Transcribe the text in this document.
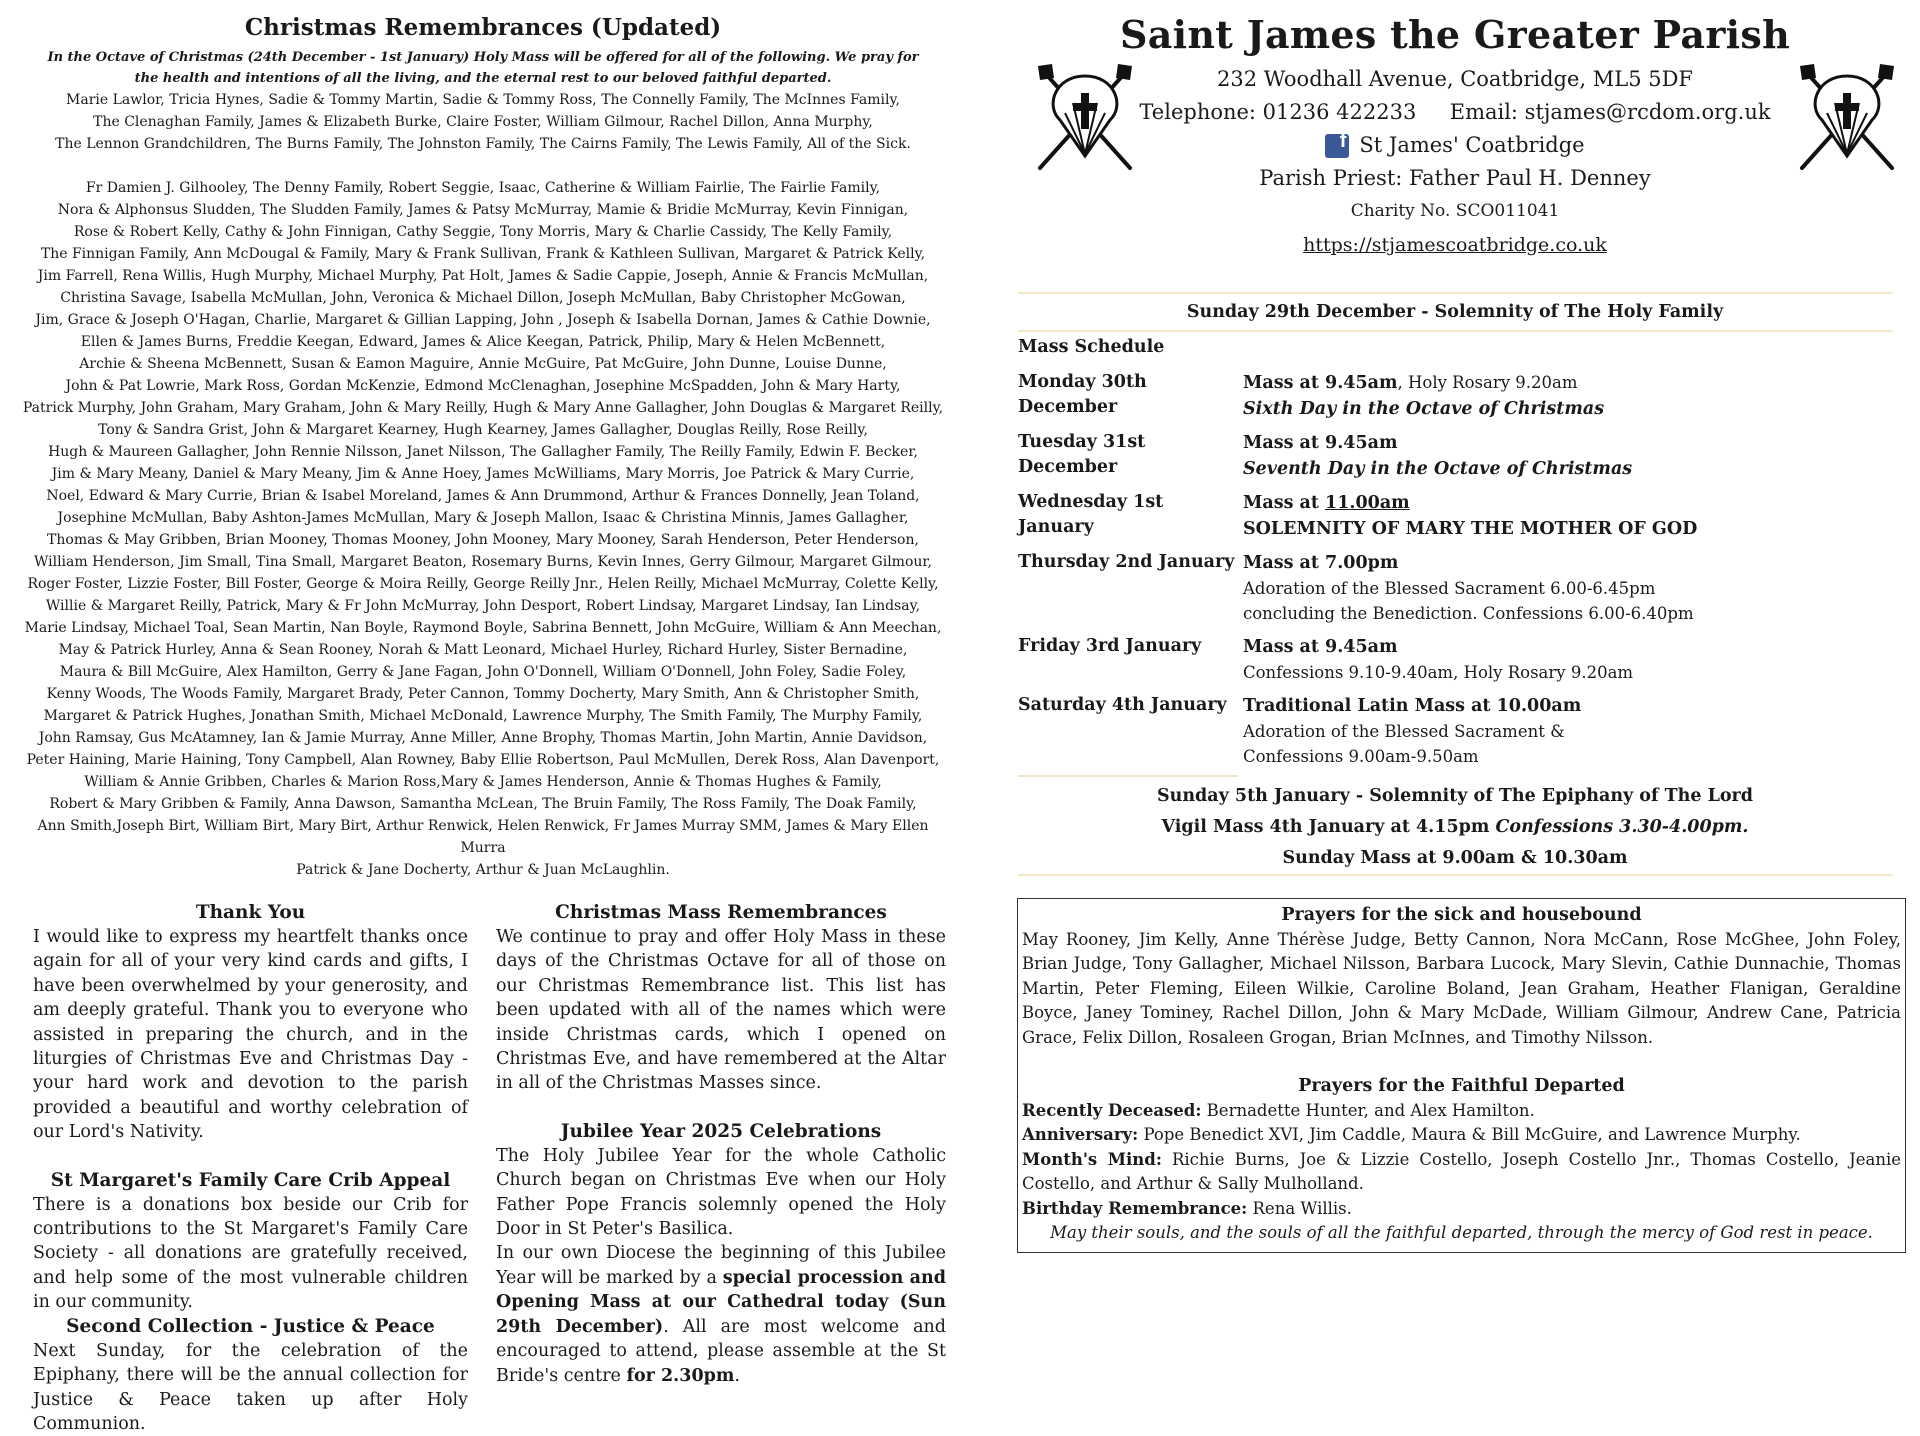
Christmas Remembrances (Updated)
In the Octave of Christmas (24th December - 1st January) Holy Mass will be offered for all of the following. We pray for the health and intentions of all the living, and the eternal rest to our beloved faithful departed.

Marie Lawlor, Tricia Hynes, Sadie & Tommy Martin, Sadie & Tommy Ross, The Connelly Family, The McInnes Family,

The Clenaghan Family, James & Elizabeth Burke, Claire Foster, William Gilmour, Rachel Dillon, Anna Murphy,

The Lennon Grandchildren, The Burns Family, The Johnston Family, The Cairns Family, The Lewis Family, All of the Sick.

Fr Damien J. Gilhooley, The Denny Family, Robert Seggie, Isaac, Catherine & William Fairlie, The Fairlie Family,

Nora & Alphonsus Sludden, The Sludden Family, James & Patsy McMurray, Mamie & Bridie McMurray, Kevin Finnigan,

Rose & Robert Kelly, Cathy & John Finnigan, Cathy Seggie, Tony Morris, Mary & Charlie Cassidy, The Kelly Family,

The Finnigan Family, Ann McDougal & Family, Mary & Frank Sullivan, Frank & Kathleen Sullivan, Margaret & Patrick Kelly,

Jim Farrell, Rena Willis, Hugh Murphy, Michael Murphy, Pat Holt, James & Sadie Cappie, Joseph, Annie & Francis McMullan,

Christina Savage, Isabella McMullan, John, Veronica & Michael Dillon, Joseph McMullan, Baby Christopher McGowan,

Jim, Grace & Joseph O'Hagan, Charlie, Margaret & Gillian Lapping, John , Joseph & Isabella Dornan, James & Cathie Downie,

Ellen & James Burns, Freddie Keegan, Edward, James & Alice Keegan, Patrick, Philip, Mary & Helen McBennett,

Archie & Sheena McBennett, Susan & Eamon Maguire, Annie McGuire, Pat McGuire, John Dunne, Louise Dunne,

John & Pat Lowrie, Mark Ross, Gordan McKenzie, Edmond McClenaghan, Josephine McSpadden, John & Mary Harty,

Patrick Murphy, John Graham, Mary Graham, John & Mary Reilly, Hugh & Mary Anne Gallagher, John Douglas & Margaret Reilly,

Tony & Sandra Grist, John & Margaret Kearney, Hugh Kearney, James Gallagher, Douglas Reilly, Rose Reilly,

Hugh & Maureen Gallagher, John Rennie Nilsson, Janet Nilsson, The Gallagher Family, The Reilly Family, Edwin F. Becker,

Jim & Mary Meany, Daniel & Mary Meany, Jim & Anne Hoey, James McWilliams, Mary Morris, Joe Patrick & Mary Currie,

Noel, Edward & Mary Currie, Brian & Isabel Moreland, James & Ann Drummond, Arthur & Frances Donnelly, Jean Toland,

Josephine McMullan, Baby Ashton-James McMullan, Mary & Joseph Mallon, Isaac & Christina Minnis, James Gallagher,

Thomas & May Gribben, Brian Mooney, Thomas Mooney, John Mooney, Mary Mooney, Sarah Henderson, Peter Henderson,

William Henderson, Jim Small, Tina Small, Margaret Beaton, Rosemary Burns, Kevin Innes, Gerry Gilmour, Margaret Gilmour,

Roger Foster, Lizzie Foster, Bill Foster, George & Moira Reilly, George Reilly Jnr., Helen Reilly, Michael McMurray, Colette Kelly,

Willie & Margaret Reilly, Patrick, Mary & Fr John McMurray, John Desport, Robert Lindsay, Margaret Lindsay, Ian Lindsay,

Marie Lindsay, Michael Toal, Sean Martin, Nan Boyle, Raymond Boyle, Sabrina Bennett, John McGuire, William & Ann Meechan,

May & Patrick Hurley, Anna & Sean Rooney, Norah & Matt Leonard, Michael Hurley, Richard Hurley, Sister Bernadine,

Maura & Bill McGuire, Alex Hamilton, Gerry & Jane Fagan, John O'Donnell, William O'Donnell, John Foley, Sadie Foley,

Kenny Woods, The Woods Family, Margaret Brady, Peter Cannon, Tommy Docherty, Mary Smith, Ann & Christopher Smith,

Margaret & Patrick Hughes, Jonathan Smith, Michael McDonald, Lawrence Murphy, The Smith Family, The Murphy Family,

John Ramsay, Gus McAtamney, Ian & Jamie Murray, Anne Miller, Anne Brophy, Thomas Martin, John Martin, Annie Davidson,

Peter Haining, Marie Haining, Tony Campbell, Alan Rowney, Baby Ellie Robertson, Paul McMullen, Derek Ross, Alan Davenport,

William & Annie Gribben, Charles & Marion Ross,Mary & James Henderson, Annie & Thomas Hughes & Family,

Robert & Mary Gribben & Family, Anna Dawson, Samantha McLean, The Bruin Family, The Ross Family, The Doak Family,

Ann Smith,Joseph Birt, William Birt, Mary Birt, Arthur Renwick, Helen Renwick, Fr James Murray SMM, James & Mary Ellen Murra

Patrick & Jane Docherty, Arthur & Juan McLaughlin.

Thank You

I would like to express my heartfelt thanks once again for all of your very kind cards and gifts, I have been overwhelmed by your generosity, and am deeply grateful. Thank you to everyone who assisted in preparing the church, and in the liturgies of Christmas Eve and Christmas Day - your hard work and devotion to the parish provided a beautiful and worthy celebration of our Lord's Nativity.

St Margaret's Family Care Crib Appeal

There is a donations box beside our Crib for contributions to the St Margaret's Family Care Society - all donations are gratefully received, and help some of the most vulnerable children in our community.

Second Collection - Justice & Peace

Next Sunday, for the celebration of the Epiphany, there will be the annual collection for Justice & Peace taken up after Holy Communion.

Christmas Mass Remembrances

We continue to pray and offer Holy Mass in these days of the Christmas Octave for all of those on our Christmas Remembrance list. This list has been updated with all of the names which were inside Christmas cards, which I opened on Christmas Eve, and have remembered at the Altar in all of the Christmas Masses since.

Jubilee Year 2025 Celebrations

The Holy Jubilee Year for the whole Catholic Church began on Christmas Eve when our Holy Father Pope Francis solemnly opened the Holy Door in St Peter's Basilica.

In our own Diocese the beginning of this Jubilee Year will be marked by a special procession and Opening Mass at our Cathedral today (Sun 29th December). All are most welcome and encouraged to attend, please assemble at the St Bride's centre for 2.30pm.

Saint James the Greater Parish
232 Woodhall Avenue, Coatbridge, ML5 5DF
Telephone: 01236 422233 Email: stjames@rcdom.org.uk
f St James' Coatbridge
Parish Priest: Father Paul H. Denney
Charity No. SCO011041
https://stjamescoatbridge.co.uk
Sunday 29th December - Solemnity of The Holy Family
Mass Schedule
Monday 30th December
Mass at 9.45am, Holy Rosary 9.20am
Sixth Day in the Octave of Christmas
Tuesday 31st December
Mass at 9.45am
Seventh Day in the Octave of Christmas
Wednesday 1st January
Mass at 11.00am
SOLEMNITY OF MARY THE MOTHER OF GOD
Thursday 2nd January Mass at 7.00pm
Adoration of the Blessed Sacrament 6.00-6.45pm concluding the Benediction. Confessions 6.00-6.40pm
Friday 3rd January	Mass at 9.45am
Confessions 9.10-9.40am, Holy Rosary 9.20am
Saturday 4th January Traditional Latin Mass at 10.00am
Adoration of the Blessed Sacrament & Confessions 9.00am-9.50am
Sunday 5th January - Solemnity of The Epiphany of The Lord
Vigil Mass 4th January at 4.15pm Confessions 3.30-4.00pm.
Sunday Mass at 9.00am & 10.30am
Prayers for the sick and housebound
May Rooney, Jim Kelly, Anne Thérèse Judge, Betty Cannon, Nora McCann, Rose McGhee, John Foley, Brian Judge, Tony Gallagher, Michael Nilsson, Barbara Lucock, Mary Slevin, Cathie Dunnachie, Thomas Martin, Peter Fleming, Eileen Wilkie, Caroline Boland, Jean Graham, Heather Flanigan, Geraldine Boyce, Janey Tominey, Rachel Dillon, John & Mary McDade, William Gilmour, Andrew Cane, Patricia Grace, Felix Dillon, Rosaleen Grogan, Brian McInnes, and Timothy Nilsson.
Prayers for the Faithful Departed
Recently Deceased: Bernadette Hunter, and Alex Hamilton.
Anniversary: Pope Benedict XVI, Jim Caddle, Maura & Bill McGuire, and Lawrence Murphy.
Month's Mind: Richie Burns, Joe & Lizzie Costello, Joseph Costello Jnr., Thomas Costello, Jeanie Costello, and Arthur & Sally Mulholland.
Birthday Remembrance: Rena Willis.
May their souls, and the souls of all the faithful departed, through the mercy of God rest in peace.
